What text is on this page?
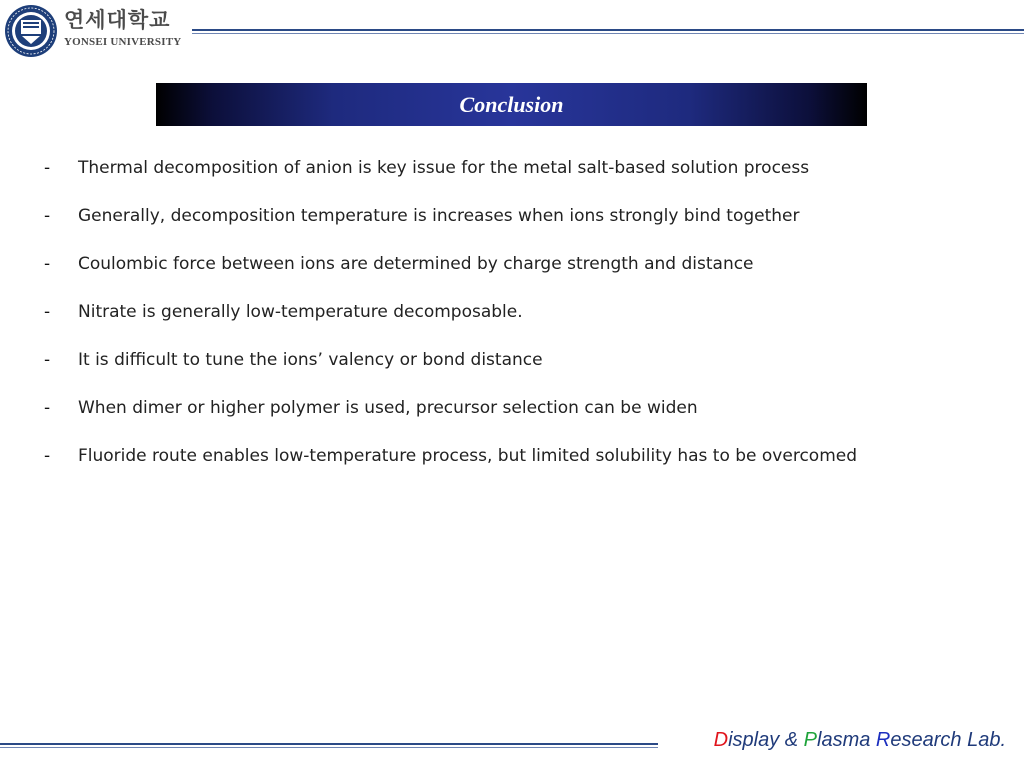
연세대학교
YONSEI UNIVERSITY
Conclusion
-	Thermal decomposition of anion is key issue for the metal salt-based solution process
-	Generally, decomposition temperature is increases when ions strongly bind together
-	Coulombic force between ions are determined by charge strength and distance
-	Nitrate is generally low-temperature decomposable.
-	It is difficult to tune the ions’ valency or bond distance
-	When dimer or higher polymer is used, precursor selection can be widen
-	Fluoride route enables low-temperature process, but limited solubility has to be overcomed
Display & Plasma Research Lab.
